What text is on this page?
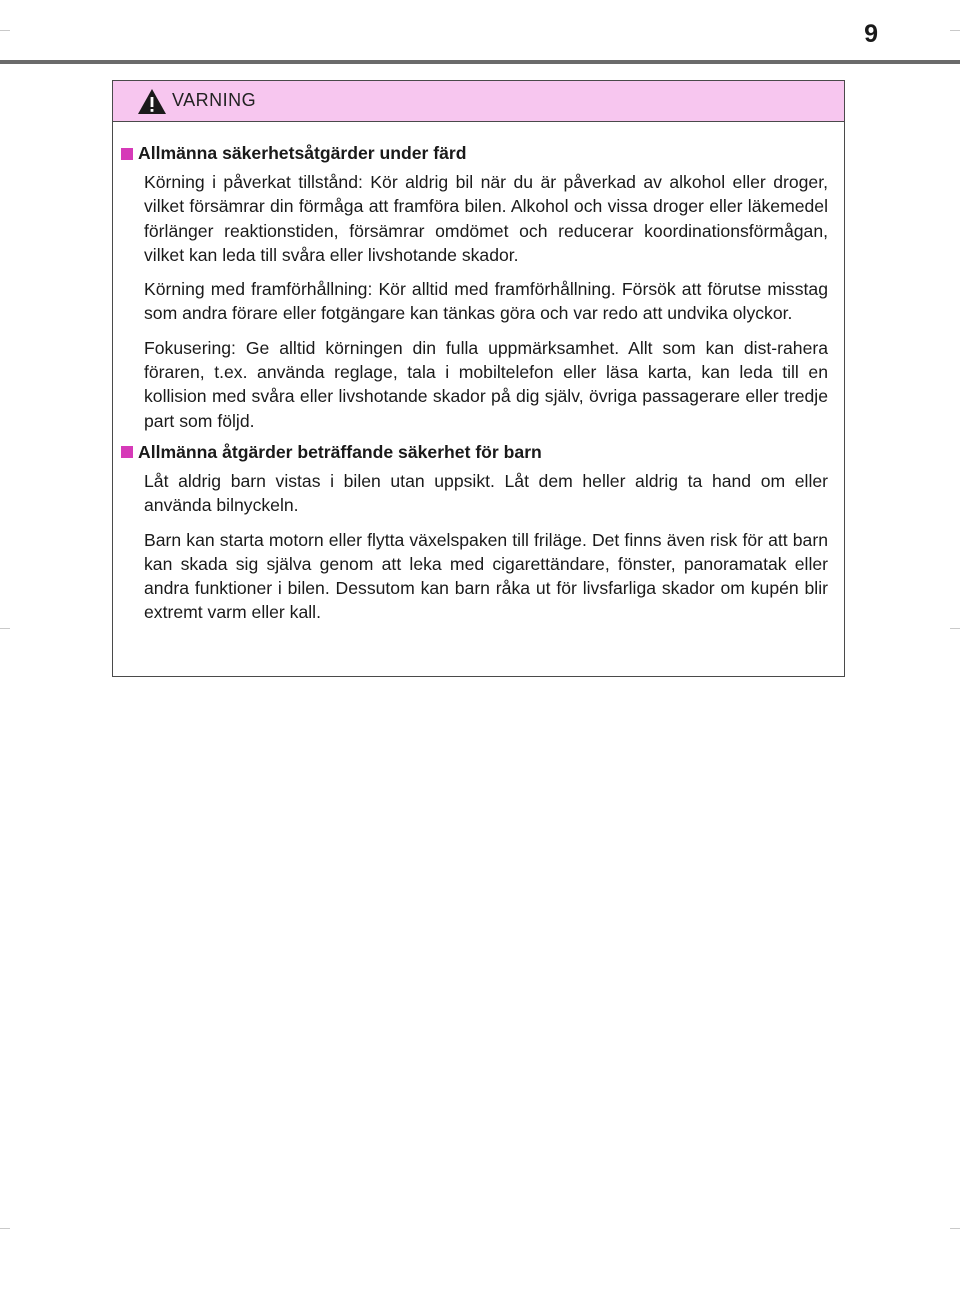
9
VARNING
Allmänna säkerhetsåtgärder under färd

Körning i påverkat tillstånd: Kör aldrig bil när du är påverkad av alkohol eller droger, vilket försämrar din förmåga att framföra bilen. Alkohol och vissa droger eller läkemedel förlänger reaktionstiden, försämrar omdömet och reducerar koordinationsförmågan, vilket kan leda till svåra eller livshotande skador.

Körning med framförhållning: Kör alltid med framförhållning. Försök att förutse misstag som andra förare eller fotgängare kan tänkas göra och var redo att undvika olyckor.

Fokusering: Ge alltid körningen din fulla uppmärksamhet. Allt som kan dist-rahera föraren, t.ex. använda reglage, tala i mobiltelefon eller läsa karta, kan leda till en kollision med svåra eller livshotande skador på dig själv, övriga passagerare eller tredje part som följd.

Allmänna åtgärder beträffande säkerhet för barn

Låt aldrig barn vistas i bilen utan uppsikt. Låt dem heller aldrig ta hand om eller använda bilnyckeln.

Barn kan starta motorn eller flytta växelspaken till friläge. Det finns även risk för att barn kan skada sig själva genom att leka med cigarettändare, fönster, panoramatak eller andra funktioner i bilen. Dessutom kan barn råka ut för livsfarliga skador om kupén blir extremt varm eller kall.
